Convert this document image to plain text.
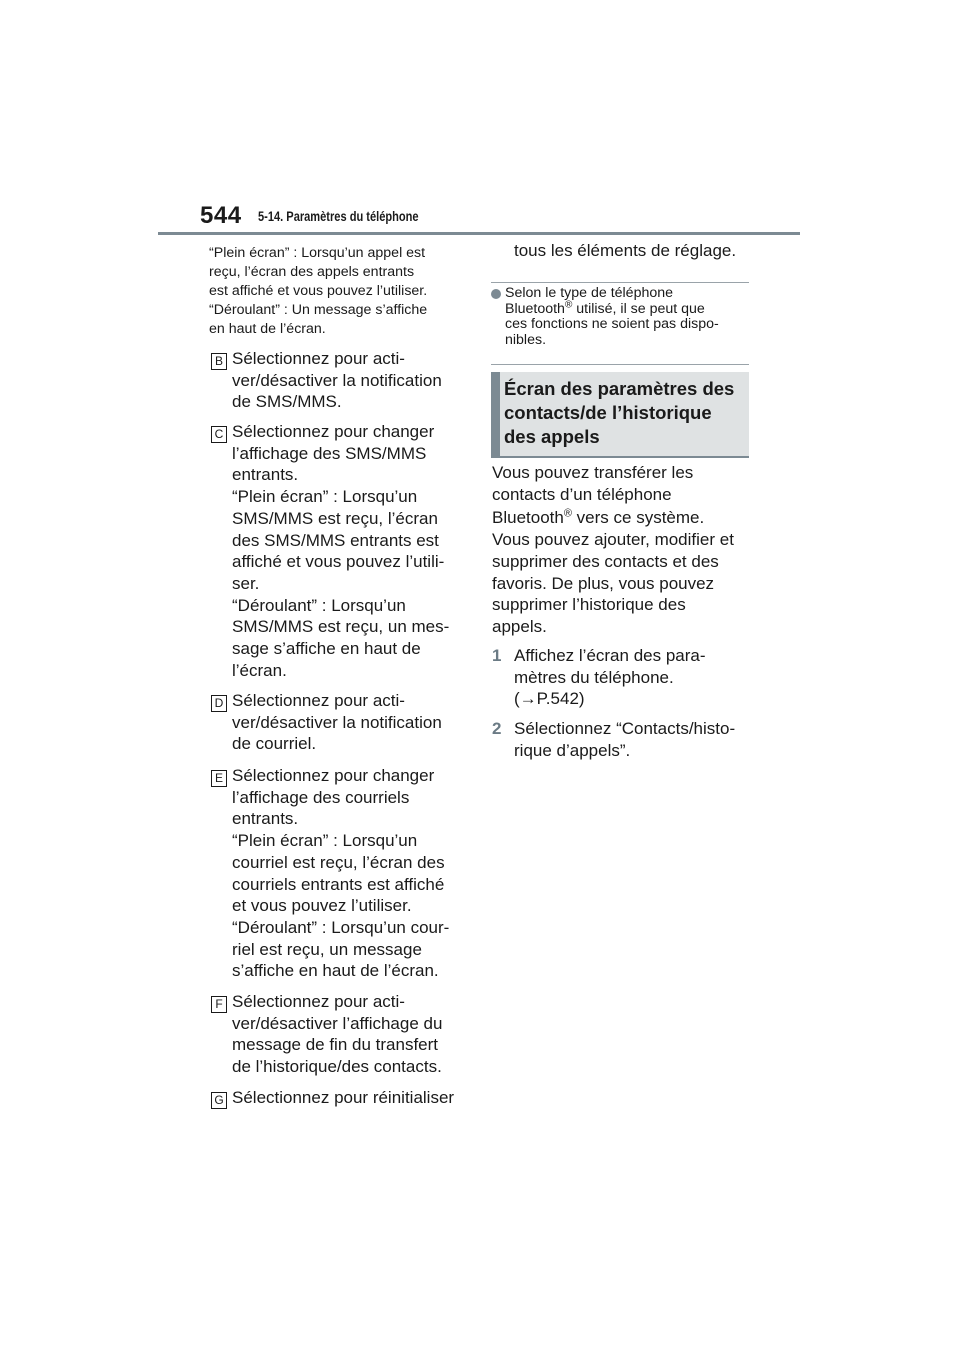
544 5-14. Paramètres du téléphone
“Plein écran” : Lorsqu’un appel est
reçu, l’écran des appels entrants
est affiché et vous pouvez l’utiliser.
“Déroulant” : Un message s’affiche
en haut de l’écran.
B Sélectionnez pour acti-

ver/désactiver la notification

de SMS/MMS.

C Sélectionnez pour changer

l’affichage des SMS/MMS

entrants.

“Plein écran” : Lorsqu’un

SMS/MMS est reçu, l’écran

des SMS/MMS entrants est

affiché et vous pouvez l’utili-

ser.

“Déroulant” : Lorsqu’un

SMS/MMS est reçu, un mes-

sage s’affiche en haut de

l’écran.

D Sélectionnez pour acti-

ver/désactiver la notification

de courriel.

E Sélectionnez pour changer

l’affichage des courriels

entrants.

“Plein écran” : Lorsqu’un

courriel est reçu, l’écran des

courriels entrants est affiché

et vous pouvez l’utiliser.

“Déroulant” : Lorsqu’un cour-

riel est reçu, un message

s’affiche en haut de l’écran.

F Sélectionnez pour acti-

ver/désactiver l’affichage du

message de fin du transfert

de l’historique/des contacts.

G Sélectionnez pour réinitialiser

tous les éléments de réglage.
Selon le type de téléphone
Bluetooth® utilisé, il se peut que
ces fonctions ne soient pas dispo-
nibles.
Écran des paramètres des
contacts/de l’historique
des appels
Vous pouvez transférer les
contacts d’un téléphone
Bluetooth® vers ce système.
Vous pouvez ajouter, modifier et
supprimer des contacts et des
favoris. De plus, vous pouvez
supprimer l’historique des
appels.
1 Affichez l’écran des para-

mètres du téléphone.

(→P.542)

2 Sélectionnez “Contacts/histo-

rique d’appels”.
